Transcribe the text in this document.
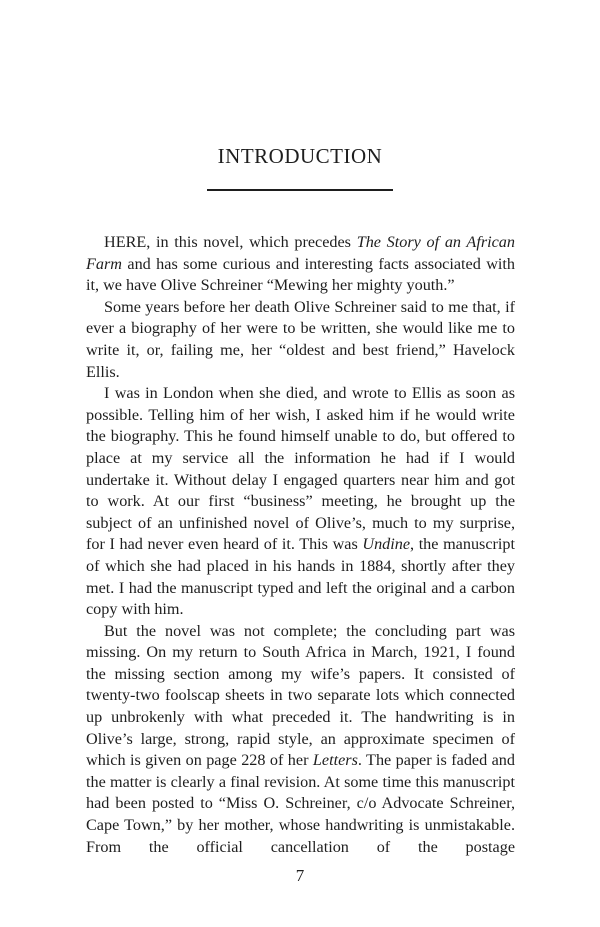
INTRODUCTION

HERE, in this novel, which precedes The Story of an African Farm and has some curious and interesting facts associated with it, we have Olive Schreiner “Mewing her mighty youth.”

Some years before her death Olive Schreiner said to me that, if ever a biography of her were to be written, she would like me to write it, or, failing me, her “oldest and best friend,” Havelock Ellis.

I was in London when she died, and wrote to Ellis as soon as possible. Telling him of her wish, I asked him if he would write the biography. This he found himself unable to do, but offered to place at my service all the information he had if I would undertake it. Without delay I engaged quarters near him and got to work. At our first “business” meeting, he brought up the subject of an unfinished novel of Olive’s, much to my surprise, for I had never even heard of it. This was Undine, the manuscript of which she had placed in his hands in 1884, shortly after they met. I had the manuscript typed and left the original and a carbon copy with him.

But the novel was not complete; the concluding part was missing. On my return to South Africa in March, 1921, I found the missing section among my wife’s papers. It consisted of twenty-two foolscap sheets in two separate lots which connected up unbrokenly with what preceded it. The handwriting is in Olive’s large, strong, rapid style, an approximate specimen of which is given on page 228 of her Letters. The paper is faded and the matter is clearly a final revision. At some time this manuscript had been posted to “Miss O. Schreiner, c/o Advocate Schreiner, Cape Town,” by her mother, whose handwriting is unmistakable. From the official cancellation of the postage

7
